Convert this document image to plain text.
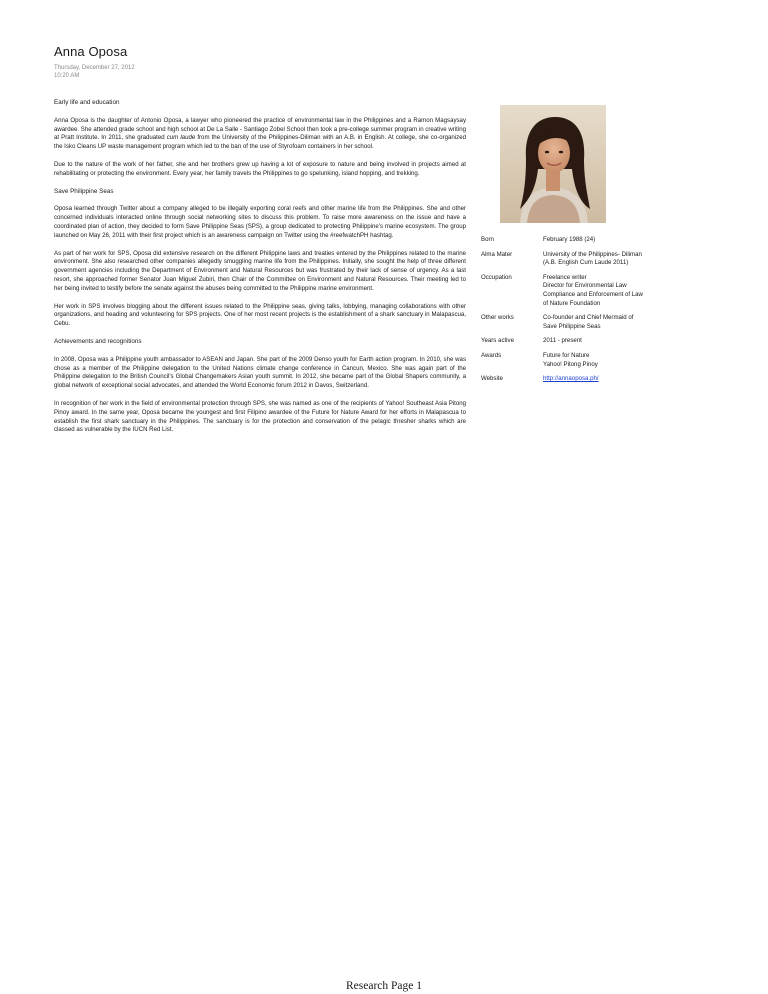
Anna Oposa
Thursday, December 27, 2012
10:20 AM
Early life and education

Anna Oposa is the daughter of Antonio Oposa, a lawyer who pioneered the practice of environmental law in the Philippines and a Ramon Magsaysay awardee. She attended grade school and high school at De La Salle - Santiago Zobel School then took a pre-college summer program in creative writing at Pratt Institute. In 2011, she graduated cum laude from the University of the Philippines-Diliman with an A.B. in English. At college, she co-organized the Isko Cleans UP waste management program which led to the ban of the use of Styrofoam containers in her school.

Due to the nature of the work of her father, she and her brothers grew up having a lot of exposure to nature and being involved in projects aimed at rehabilitating or protecting the environment. Every year, her family travels the Philippines to go spelunking, island hopping, and trekking.

Save Philippine Seas

Oposa learned through Twitter about a company alleged to be illegally exporting coral reefs and other marine life from the Philippines. She and other concerned individuals interacted online through social networking sites to discuss this problem. To raise more awareness on the issue and have a coordinated plan of action, they decided to form Save Philippine Seas (SPS), a group dedicated to protecting Philippine's marine ecosystem. The group launched on May 26, 2011 with their first project which is an awareness campaign on Twitter using the #reefwatchPH hashtag.

As part of her work for SPS, Oposa did extensive research on the different Philippine laws and treaties entered by the Philippines related to the marine environment. She also researched other companies allegedly smuggling marine life from the Philippines. Initially, she sought the help of three different government agencies including the Department of Environment and Natural Resources but was frustrated by their lack of sense of urgency. As a last resort, she approached former Senator Juan Miguel Zubiri, then Chair of the Committee on Environment and Natural Resources. Their meeting led to her being invited to testify before the senate against the abuses being committed to the Philippine marine environment.

Her work in SPS involves blogging about the different issues related to the Philippine seas, giving talks, lobbying, managing collaborations with other organizations, and heading and volunteering for SPS projects. One of her most recent projects is the establishment of a shark sanctuary in Malapascua, Cebu.

Achievements and recognitions

In 2008, Oposa was a Philippine youth ambassador to ASEAN and Japan. She part of the 2009 Denso youth for Earth action program. In 2010, she was chose as a member of the Philippine delegation to the United Nations climate change conference in Cancun, Mexico. She was again part of the Philippine delegation to the British Council's Global Changemakers Asian youth summit. In 2012, she became part of the Global Shapers community, a global network of exceptional social advocates, and attended the World Economic forum 2012 in Davos, Switzerland.

In recognition of her work in the field of environmental protection through SPS, she was named as one of the recipients of Yahoo! Southeast Asia Pitong Pinoy award. In the same year, Oposa became the youngest and first Filipino awardee of the Future for Nature Award for her efforts in Malapascua to establish the first shark sanctuary in the Philippines. The sanctuary is for the protection and conservation of the pelagic thresher sharks which are classed as vulnerable by the IUCN Red List.

Born	February 1988 (24)
Alma Mater	University of the Philippines- Diliman
(A.B. English Cum Laude 2011)
Occupation	Freelance writer
Director for Environmental Law
Compliance and Enforcement of Law
of Nature Foundation
Other works	Co-founder and Chief Mermaid of
Save Philippine Seas
Years active	2011 - present
Awards	Future for Nature
Yahoo! Pitong Pinoy
Website	http://annaoposa.ph/
Research Page 1
